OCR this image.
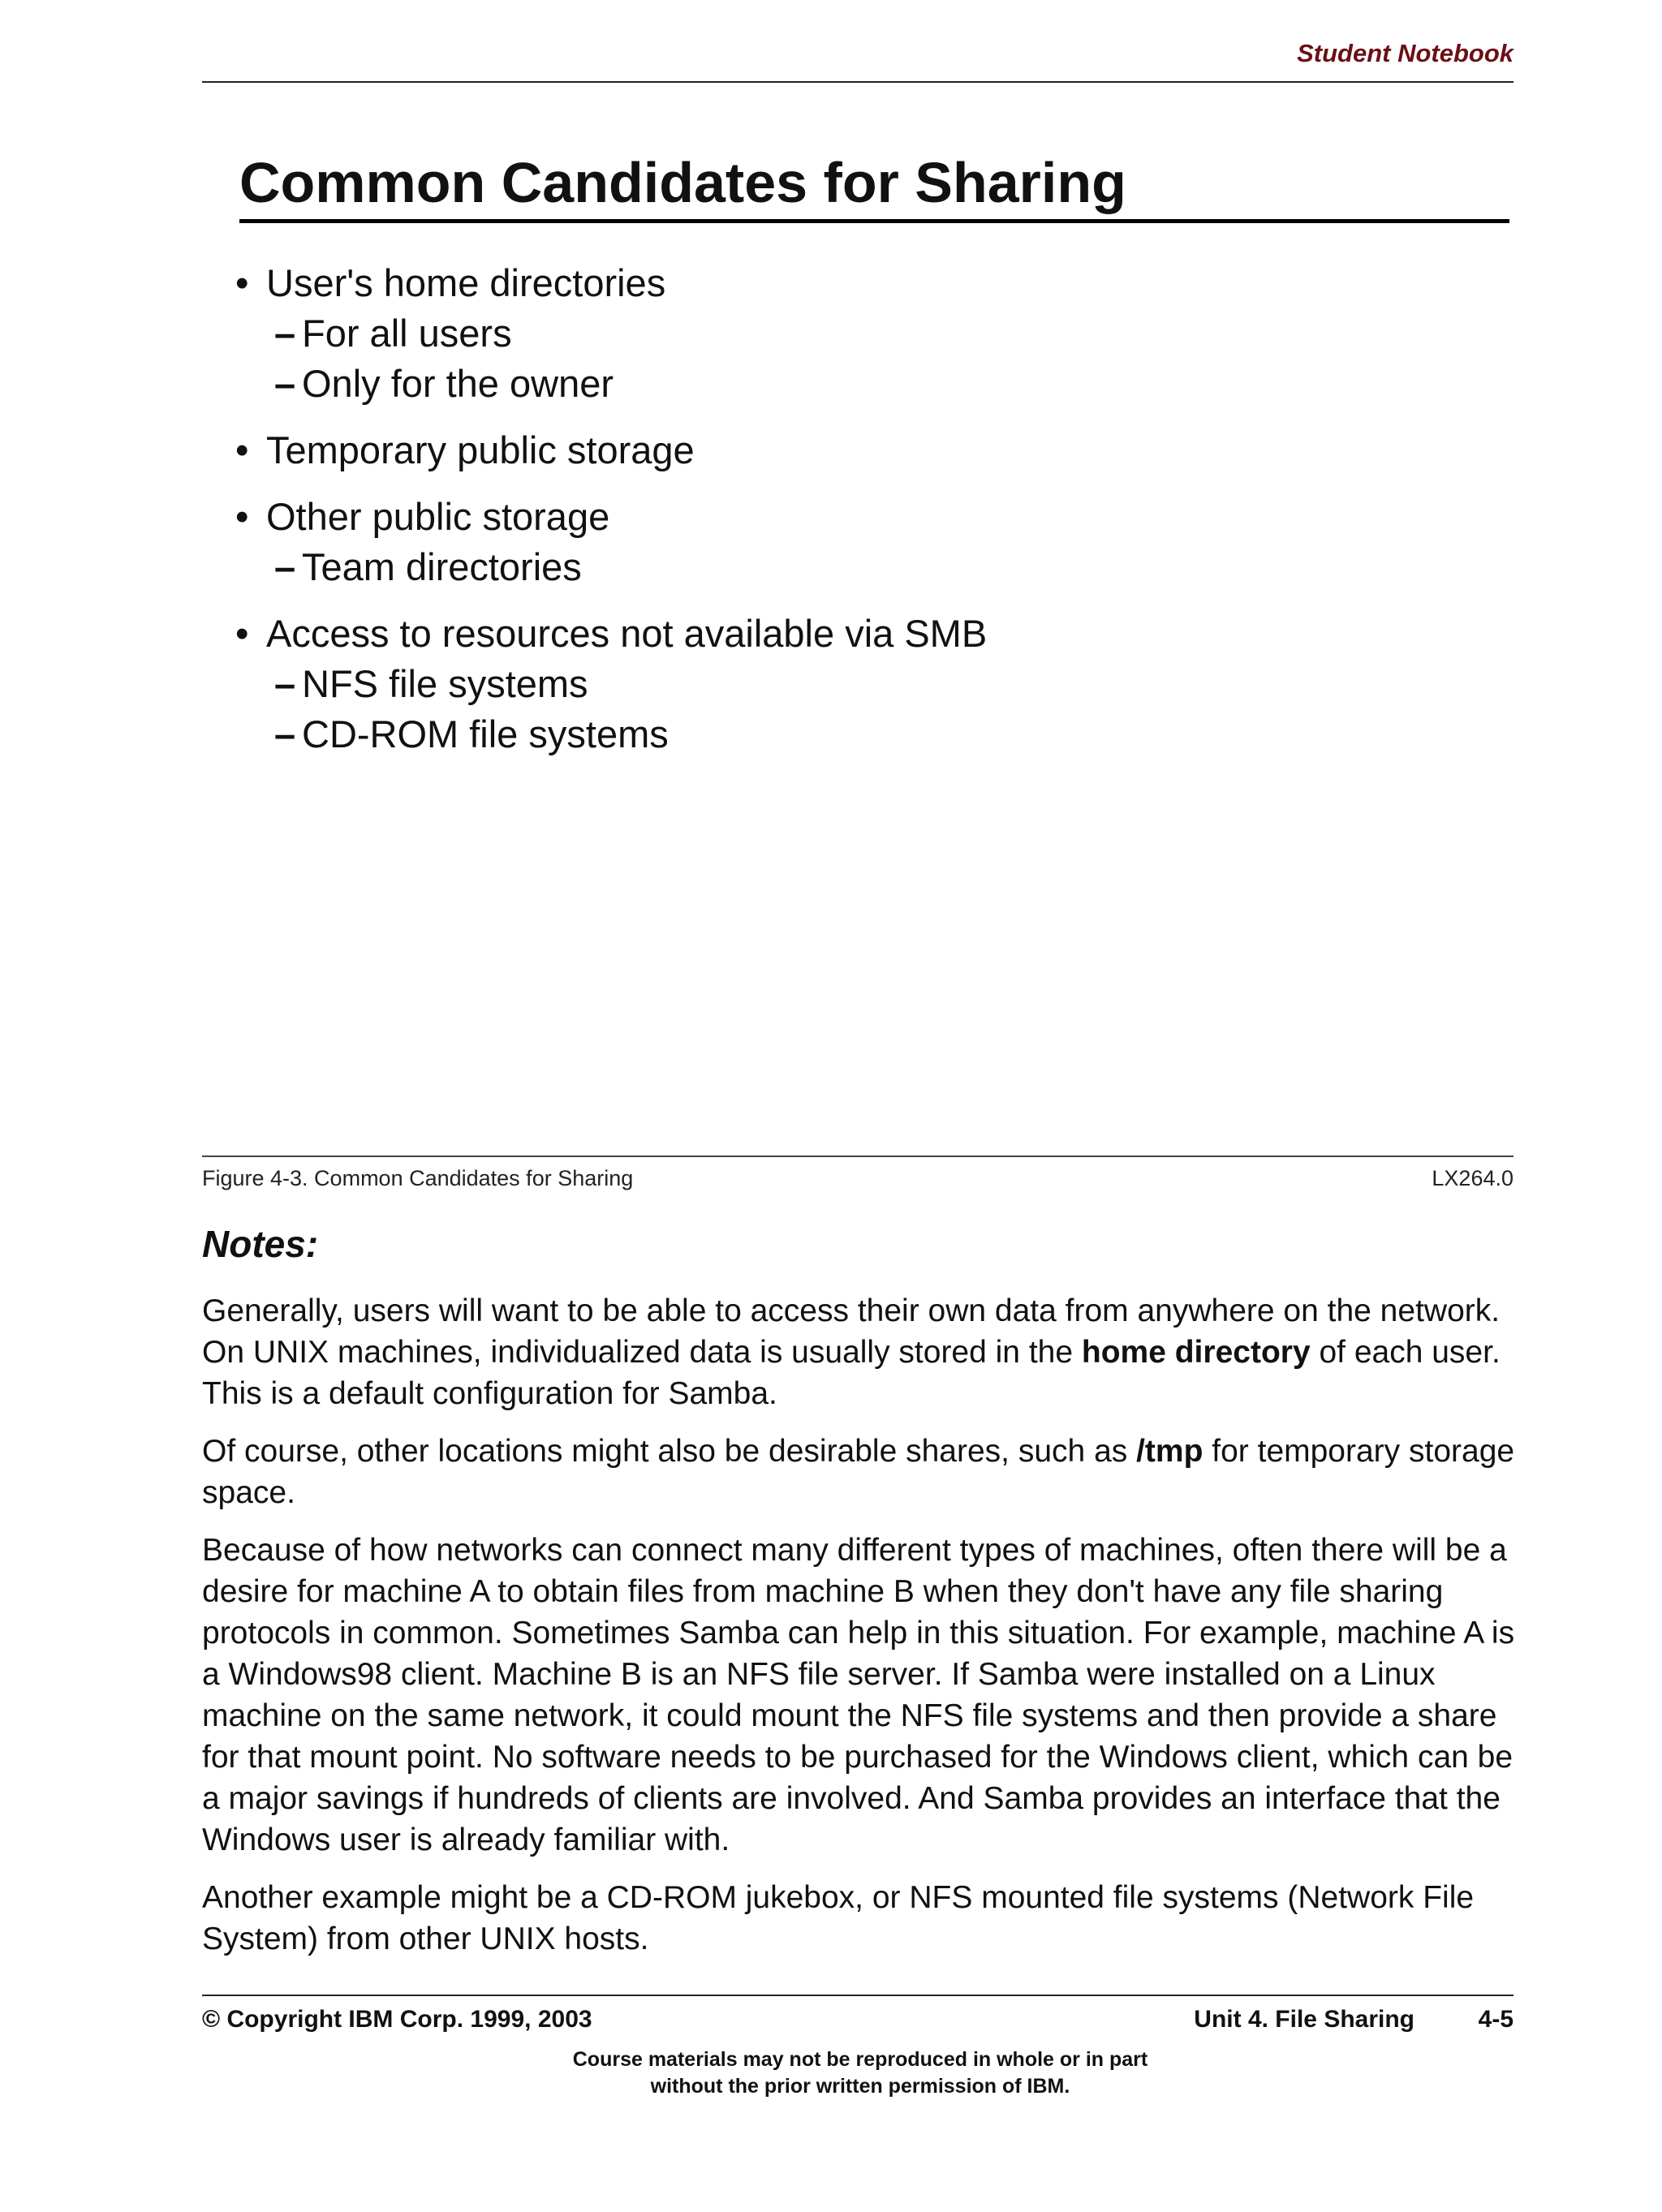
Student Notebook
Common Candidates for Sharing
• User's home directories
– For all users
– Only for the owner
• Temporary public storage
• Other public storage
– Team directories
• Access to resources not available via SMB
– NFS file systems
– CD-ROM file systems
Figure 4-3. Common Candidates for Sharing	LX264.0
Notes:

Generally, users will want to be able to access their own data from anywhere on the network. On UNIX machines, individualized data is usually stored in the home directory of each user. This is a default configuration for Samba.

Of course, other locations might also be desirable shares, such as /tmp for temporary storage space.

Because of how networks can connect many different types of machines, often there will be a desire for machine A to obtain files from machine B when they don't have any file sharing protocols in common. Sometimes Samba can help in this situation. For example, machine A is a Windows98 client. Machine B is an NFS file server. If Samba were installed on a Linux machine on the same network, it could mount the NFS file systems and then provide a share for that mount point. No software needs to be purchased for the Windows client, which can be a major savings if hundreds of clients are involved. And Samba provides an interface that the Windows user is already familiar with.

Another example might be a CD-ROM jukebox, or NFS mounted file systems (Network File System) from other UNIX hosts.

© Copyright IBM Corp. 1999, 2003	Unit 4. File Sharing	4-5
Course materials may not be reproduced in whole or in part
without the prior written permission of IBM.
